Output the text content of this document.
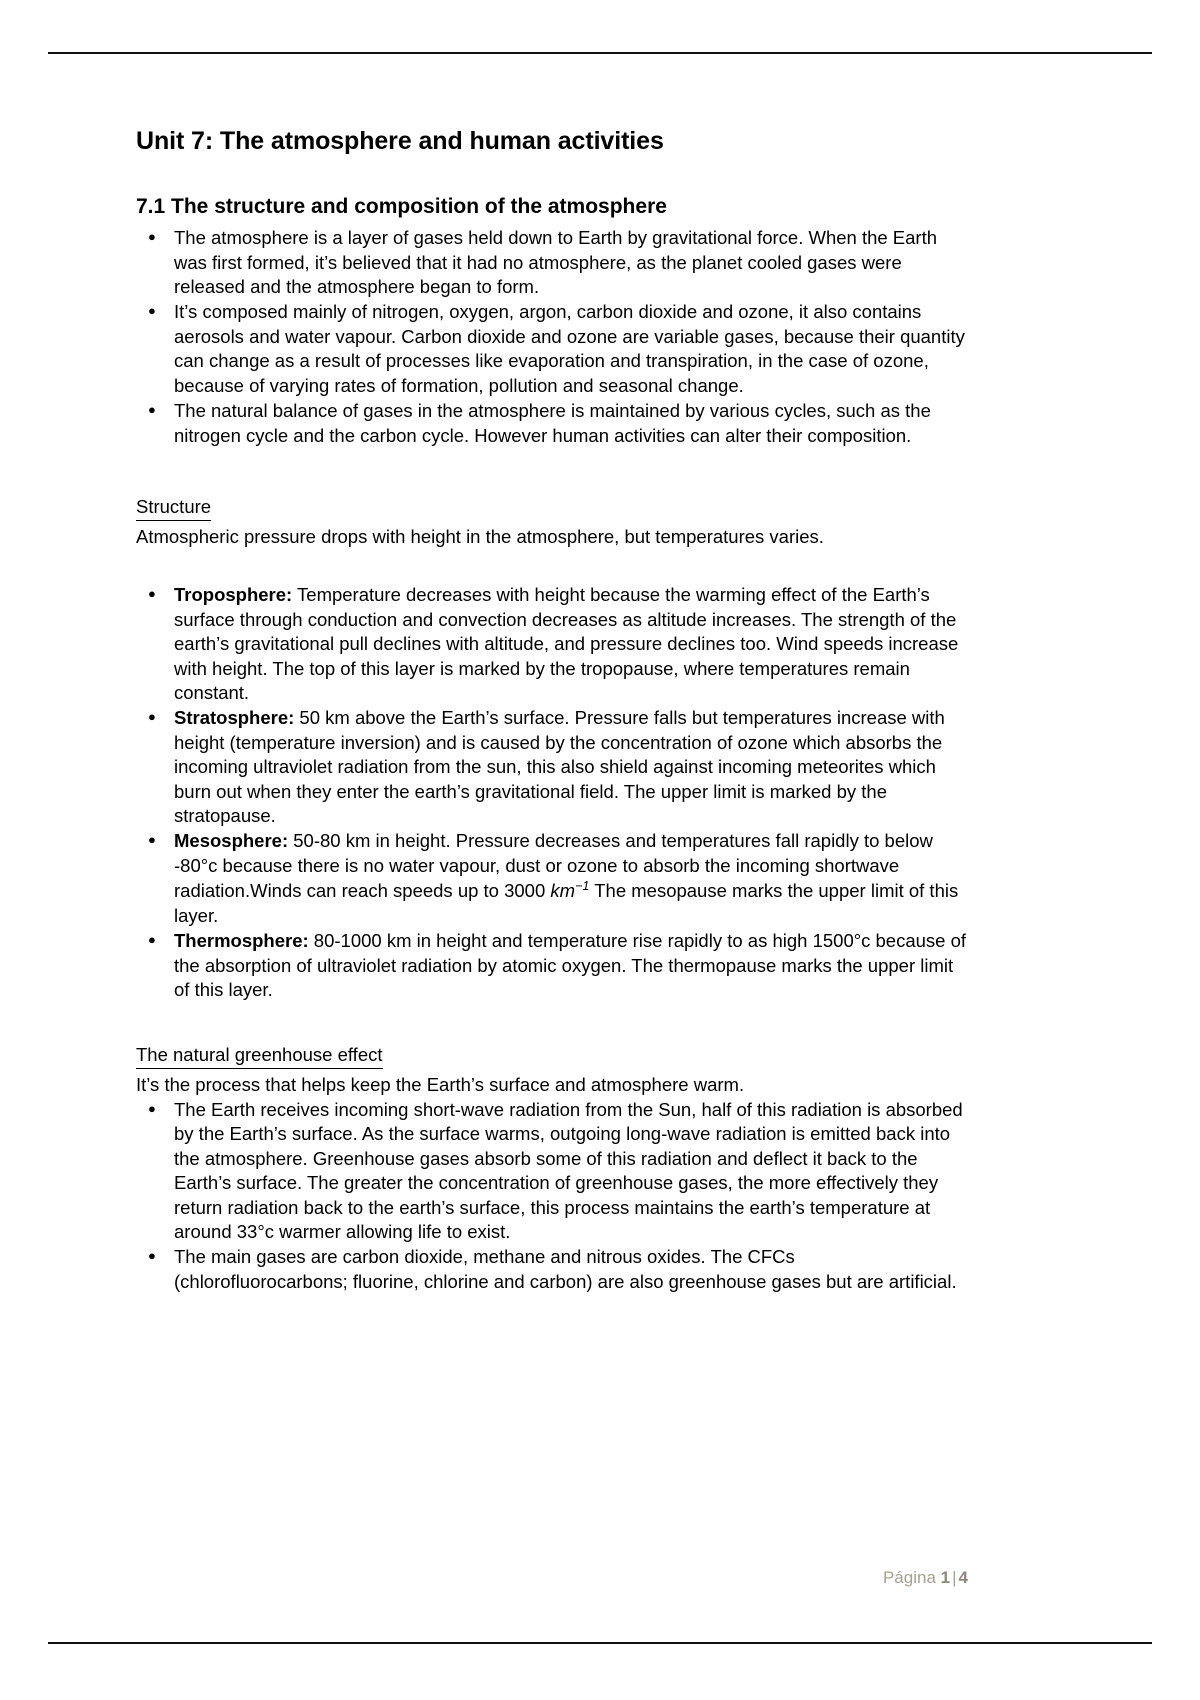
Unit 7: The atmosphere and human activities
7.1 The structure and composition of the atmosphere
● The atmosphere is a layer of gases held down to Earth by gravitational force. When the Earth was first formed, it’s believed that it had no atmosphere, as the planet cooled gases were released and the atmosphere began to form.
● It’s composed mainly of nitrogen, oxygen, argon, carbon dioxide and ozone, it also contains aerosols and water vapour. Carbon dioxide and ozone are variable gases, because their quantity can change as a result of processes like evaporation and transpiration, in the case of ozone, because of varying rates of formation, pollution and seasonal change.
● The natural balance of gases in the atmosphere is maintained by various cycles, such as the nitrogen cycle and the carbon cycle. However human activities can alter their composition.
Structure

Atmospheric pressure drops with height in the atmosphere, but temperatures varies.

● Troposphere: Temperature decreases with height because the warming effect of the Earth’s surface through conduction and convection decreases as altitude increases. The strength of the earth’s gravitational pull declines with altitude, and pressure declines too. Wind speeds increase with height. The top of this layer is marked by the tropopause, where temperatures remain constant.
● Stratosphere: 50 km above the Earth’s surface. Pressure falls but temperatures increase with height (temperature inversion) and is caused by the concentration of ozone which absorbs the incoming ultraviolet radiation from the sun, this also shield against incoming meteorites which burn out when they enter the earth’s gravitational field. The upper limit is marked by the stratopause.
● Mesosphere: 50-80 km in height. Pressure decreases and temperatures fall rapidly to below -80°c because there is no water vapour, dust or ozone to absorb the incoming shortwave radiation.Winds can reach speeds up to 3000 $km^{-1}$ The mesopause marks the upper limit of this layer.
● Thermosphere: 80-1000 km in height and temperature rise rapidly to as high 1500°c because of the absorption of ultraviolet radiation by atomic oxygen. The thermopause marks the upper limit of this layer.
The natural greenhouse effect

It’s the process that helps keep the Earth’s surface and atmosphere warm.

● The Earth receives incoming short-wave radiation from the Sun, half of this radiation is absorbed by the Earth’s surface. As the surface warms, outgoing long-wave radiation is emitted back into the atmosphere. Greenhouse gases absorb some of this radiation and deflect it back to the Earth’s surface. The greater the concentration of greenhouse gases, the more effectively they return radiation back to the earth’s surface, this process maintains the earth’s temperature at around 33°c warmer allowing life to exist.
● The main gases are carbon dioxide, methane and nitrous oxides. The CFCs (chlorofluorocarbons; fluorine, chlorine and carbon) are also greenhouse gases but are artificial.
Página 1 | 4
